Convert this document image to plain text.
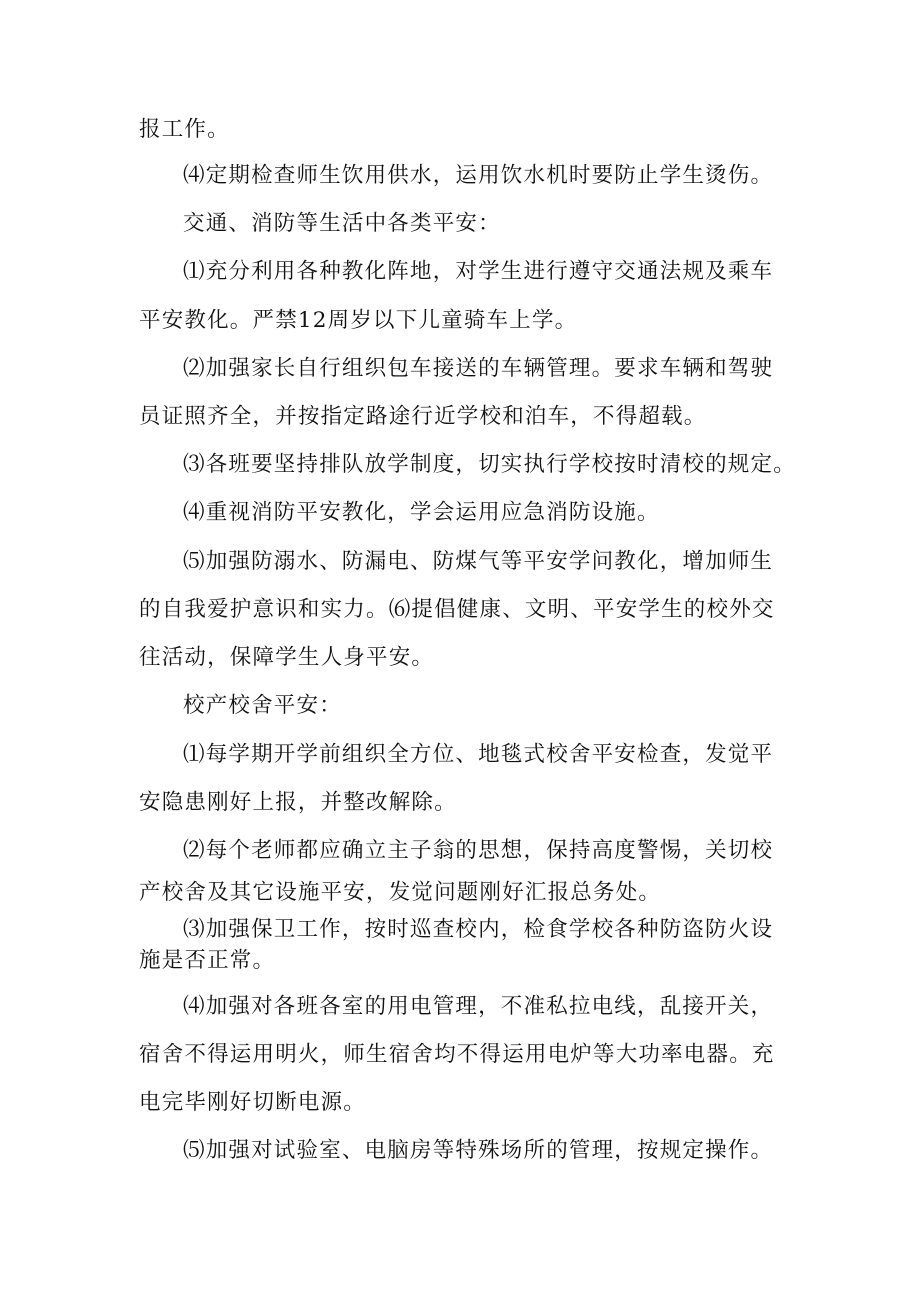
报工作。
⑷定期检查师生饮用供水，运用饮水机时要防止学生烫伤。
交通、消防等生活中各类平安：
⑴充分利用各种教化阵地，对学生进行遵守交通法规及乘车
平安教化。严禁12周岁以下儿童骑车上学。
⑵加强家长自行组织包车接送的车辆管理。要求车辆和驾驶
员证照齐全，并按指定路途行近学校和泊车，不得超载。
⑶各班要坚持排队放学制度，切实执行学校按时清校的规定。
⑷重视消防平安教化，学会运用应急消防设施。
⑸加强防溺水、防漏电、防煤气等平安学问教化，增加师生
的自我爱护意识和实力。⑹提倡健康、文明、平安学生的校外交
往活动，保障学生人身平安。
校产校舍平安：
⑴每学期开学前组织全方位、地毯式校舍平安检查，发觉平
安隐患刚好上报，并整改解除。
⑵每个老师都应确立主子翁的思想，保持高度警惕，关切校
产校舍及其它设施平安，发觉问题刚好汇报总务处。
⑶加强保卫工作，按时巡查校内，检食学校各种防盗防火设
施是否正常。
⑷加强对各班各室的用电管理，不准私拉电线，乱接开关，
宿舍不得运用明火，师生宿舍均不得运用电炉等大功率电器。充
电完毕刚好切断电源。
⑸加强对试验室、电脑房等特殊场所的管理，按规定操作。
